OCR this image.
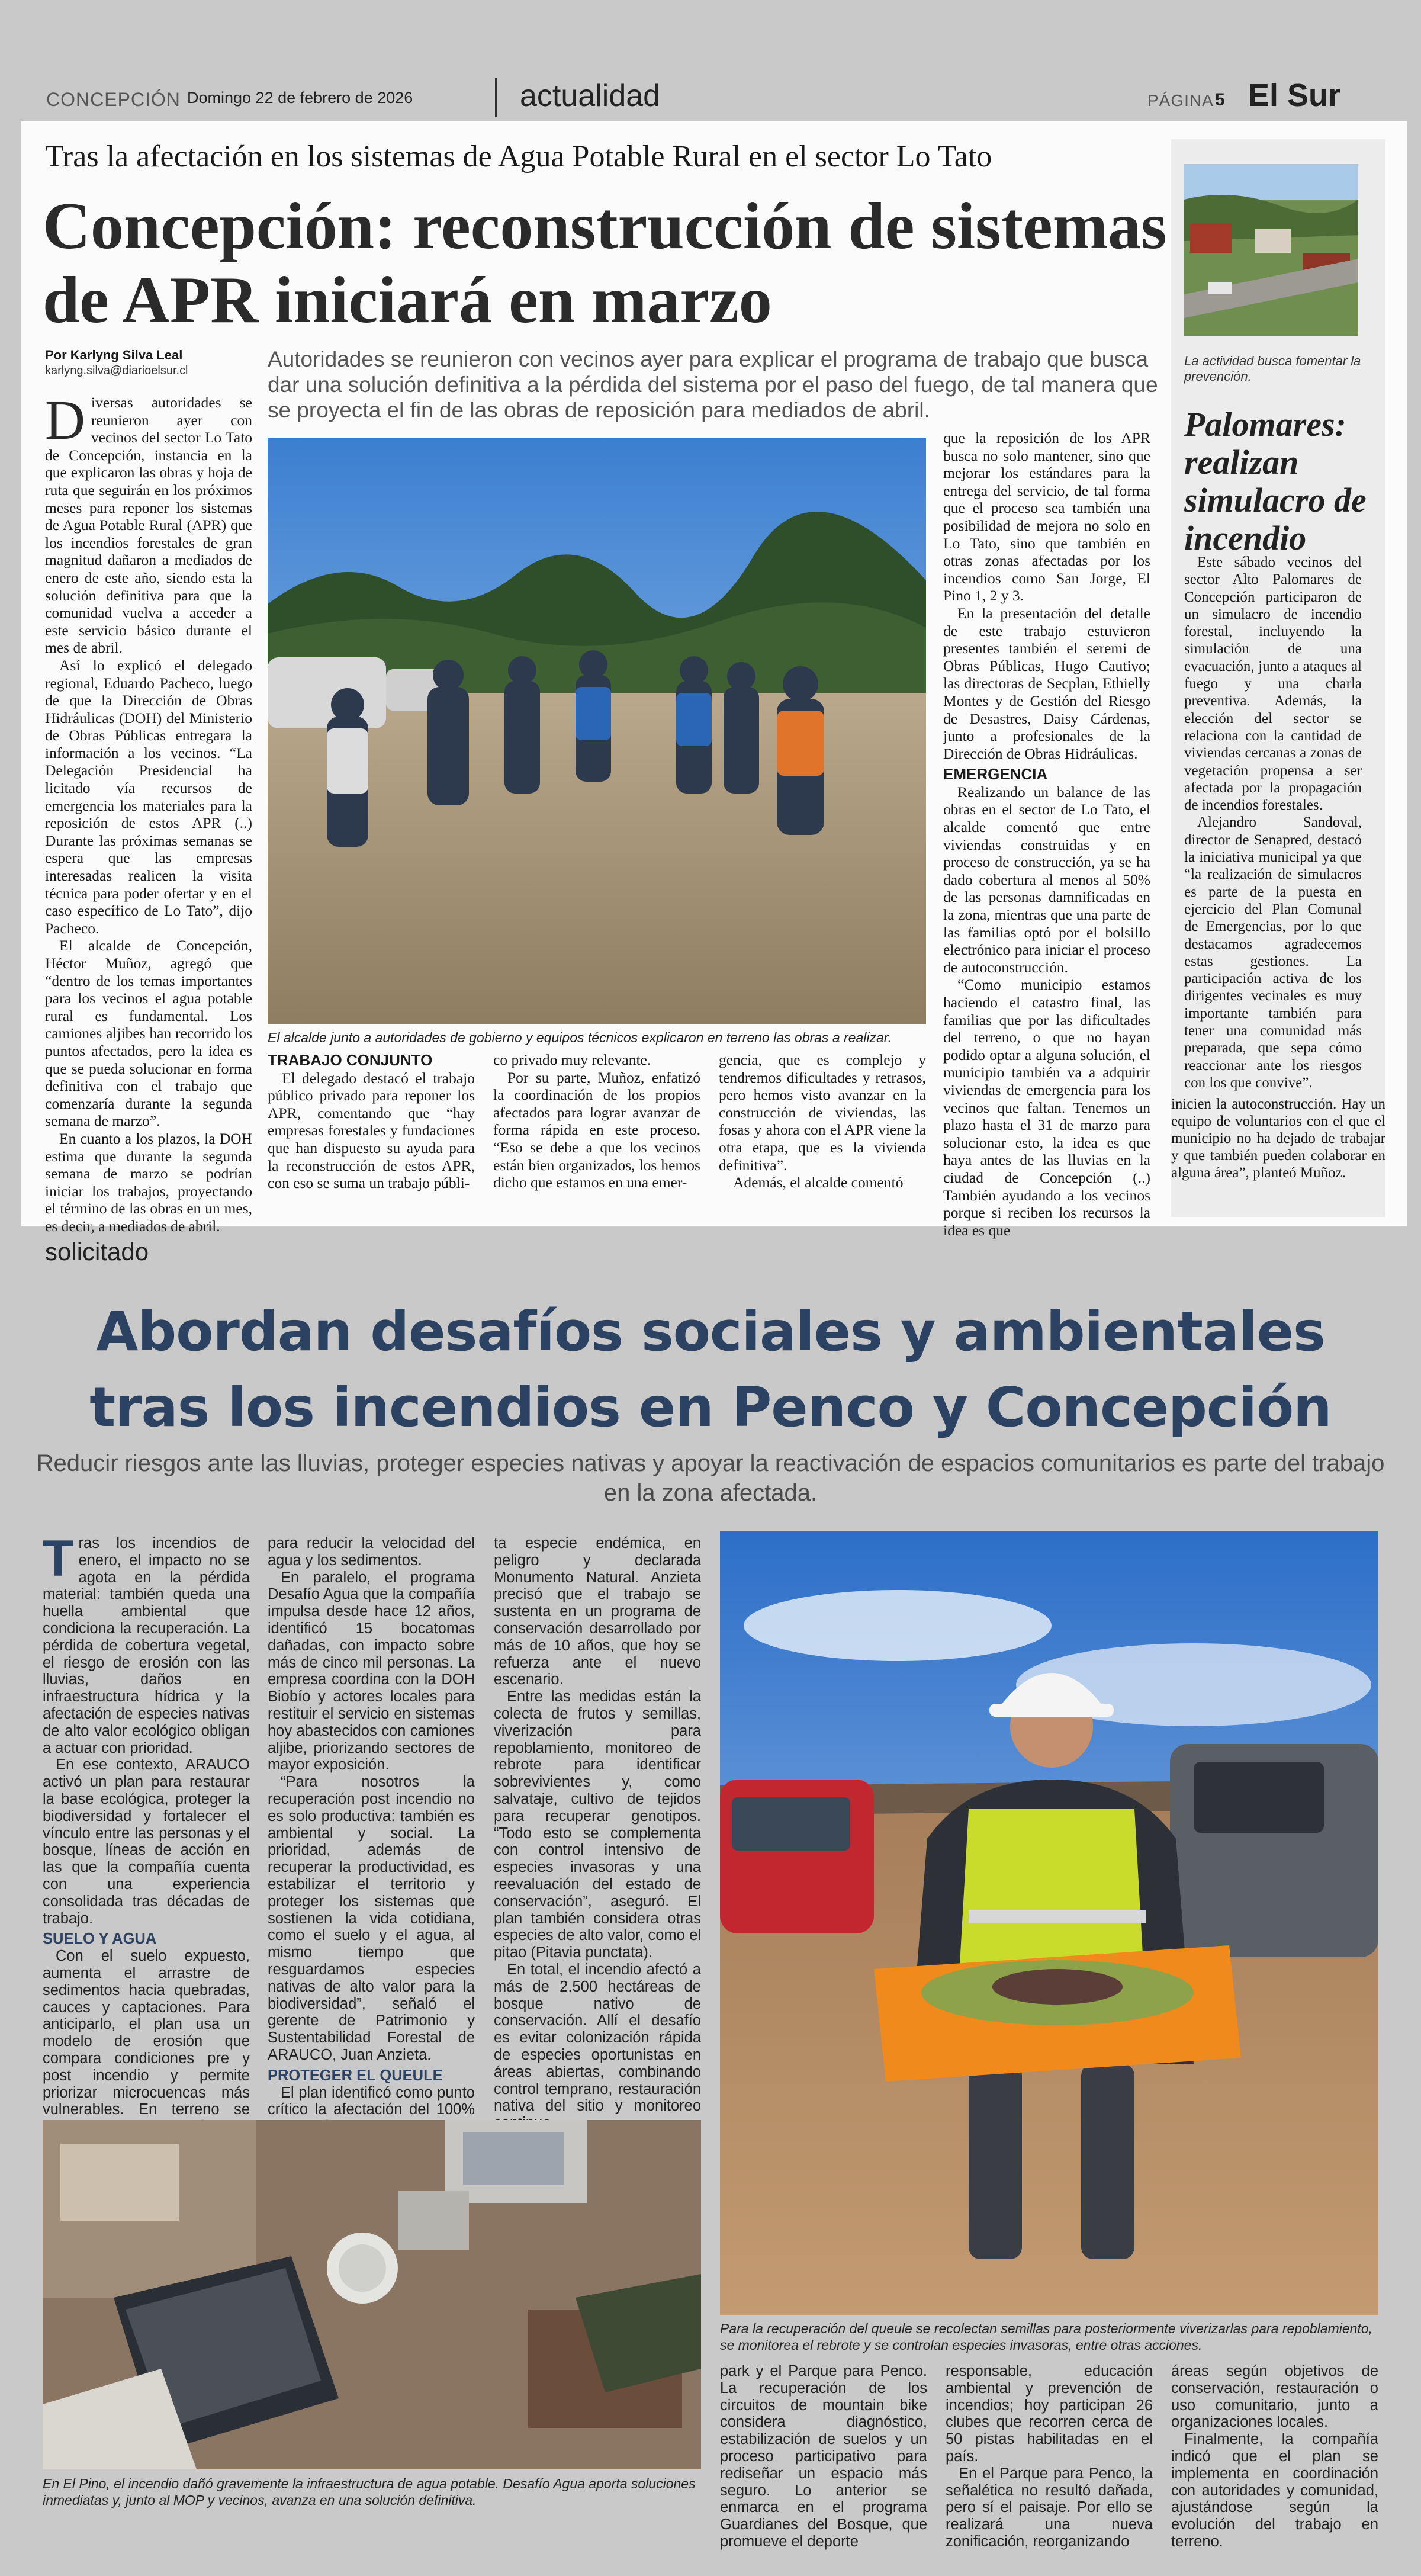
CONCEPCIÓN Domingo 22 de febrero de 2026	actualidad	PÁGINA 5 El Sur
Tras la afectación en los sistemas de Agua Potable Rural en el sector Lo Tato
Concepción: reconstrucción de sistemas de APR iniciará en marzo
Por Karlyng Silva Leal
karlyng.silva@diarioelsur.cl	Autoridades se reunieron con vecinos ayer para explicar el programa de trabajo que busca dar una solución definitiva a la pérdida del sistema por el paso del fuego, de tal manera que se proyecta el fin de las obras de reposición para mediados de abril.

Diversas autoridades se reunieron ayer con vecinos del sector Lo Tato de Concepción, instancia en la que explicaron las obras y hoja de ruta que seguirán en los próximos meses para reponer los sistemas de Agua Potable Rural (APR) que los incendios forestales de gran magnitud dañaron a mediados de enero de este año, siendo esta la solución definitiva para que la comunidad vuelva a acceder a este servicio básico durante el mes de abril.

Así lo explicó el delegado regional, Eduardo Pacheco, luego de que la Dirección de Obras Hidráulicas (DOH) del Ministerio de Obras Públicas entregara la información a los vecinos. “La Delegación Presidencial ha licitado vía recursos de emergencia los materiales para la reposición de estos APR (..) Durante las próximas semanas se espera que las empresas interesadas realicen la visita técnica para poder ofertar y en el caso específico de Lo Tato”, dijo Pacheco.

El alcalde de Concepción, Héctor Muñoz, agregó que “dentro de los temas importantes para los vecinos el agua potable rural es fundamental. Los camiones aljibes han recorrido los puntos afectados, pero la idea es que se pueda solucionar en forma definitiva con el trabajo que comenzaría durante la segunda semana de marzo”.

En cuanto a los plazos, la DOH estima que durante la segunda semana de marzo se podrían iniciar los trabajos, proyectando el término de las obras en un mes, es decir, a mediados de abril.

El alcalde junto a autoridades de gobierno y equipos técnicos explicaron en terreno las obras a realizar.
TRABAJO CONJUNTO

El delegado destacó el trabajo público privado para reponer los APR, comentando que “hay empresas forestales y fundaciones que han dispuesto su ayuda para la reconstrucción de estos APR, con eso se suma un trabajo públi-

co privado muy relevante.

Por su parte, Muñoz, enfatizó la coordinación de los propios afectados para lograr avanzar de forma rápida en este proceso. “Eso se debe a que los vecinos están bien organizados, los hemos dicho que estamos en una emer-

gencia, que es complejo y tendremos dificultades y retrasos, pero hemos visto avanzar en la construcción de viviendas, las fosas y ahora con el APR viene la otra etapa, que es la vivienda definitiva”.

Además, el alcalde comentó

que la reposición de los APR busca no solo mantener, sino que mejorar los estándares para la entrega del servicio, de tal forma que el proceso sea también una posibilidad de mejora no solo en Lo Tato, sino que también en otras zonas afectadas por los incendios como San Jorge, El Pino 1, 2 y 3.

En la presentación del detalle de este trabajo estuvieron presentes también el seremi de Obras Públicas, Hugo Cautivo; las directoras de Secplan, Ethielly Montes y de Gestión del Riesgo de Desastres, Daisy Cárdenas, junto a profesionales de la Dirección de Obras Hidráulicas.

EMERGENCIA

Realizando un balance de las obras en el sector de Lo Tato, el alcalde comentó que entre viviendas construidas y en proceso de construcción, ya se ha dado cobertura al menos al 50% de las personas damnificadas en la zona, mientras que una parte de las familias optó por el bolsillo electrónico para iniciar el proceso de autoconstrucción.

“Como municipio estamos haciendo el catastro final, las familias que por las dificultades del terreno, o que no hayan podido optar a alguna solución, el municipio también va a adquirir viviendas de emergencia para los vecinos que faltan. Tenemos un plazo hasta el 31 de marzo para solucionar esto, la idea es que haya antes de las lluvias en la ciudad de Concepción (..) También ayudando a los vecinos porque si reciben los recursos la idea es que

La actividad busca fomentar la prevención.
Palomares: realizan simulacro de incendio

Este sábado vecinos del sector Alto Palomares de Concepción participaron de un simulacro de incendio forestal, incluyendo la simulación de una evacuación, junto a ataques al fuego y una charla preventiva. Además, la elección del sector se relaciona con la cantidad de viviendas cercanas a zonas de vegetación propensa a ser afectada por la propagación de incendios forestales.

Alejandro Sandoval, director de Senapred, destacó la iniciativa municipal ya que “la realización de simulacros es parte de la puesta en ejercicio del Plan Comunal de Emergencias, por lo que destacamos agradecemos estas gestiones. La participación activa de los dirigentes vecinales es muy importante también para tener una comunidad más preparada, que sepa cómo reaccionar ante los riesgos con los que convive”.

inicien la autoconstrucción. Hay un equipo de voluntarios con el que el municipio no ha dejado de trabajar y que también pueden colaborar en alguna área”, planteó Muñoz.

solicitado
Abordan desafíos sociales y ambientales tras los incendios en Penco y Concepción
Reducir riesgos ante las lluvias, proteger especies nativas y apoyar la reactivación de espacios comunitarios es parte del trabajo en la zona afectada.

Tras los incendios de enero, el impacto no se agota en la pérdida material: también queda una huella ambiental que condiciona la recuperación. La pérdida de cobertura vegetal, el riesgo de erosión con las lluvias, daños en infraestructura hídrica y la afectación de especies nativas de alto valor ecológico obligan a actuar con prioridad.

En ese contexto, ARAUCO activó un plan para restaurar la base ecológica, proteger la biodiversidad y fortalecer el vínculo entre las personas y el bosque, líneas de acción en las que la compañía cuenta con una experiencia consolidada tras décadas de trabajo.

SUELO Y AGUA

Con el suelo expuesto, aumenta el arrastre de sedimentos hacia quebradas, cauces y captaciones. Para anticiparlo, el plan usa un modelo de erosión que compara condiciones pre y post incendio y permite priorizar microcuencas más vulnerables. En terreno se

para reducir la velocidad del agua y los sedimentos.

En paralelo, el programa Desafío Agua que la compañía impulsa desde hace 12 años, identificó 15 bocatomas dañadas, con impacto sobre más de cinco mil personas. La empresa coordina con la DOH Biobío y actores locales para restituir el servicio en sistemas hoy abastecidos con camiones aljibe, priorizando sectores de mayor exposición.

“Para nosotros la recuperación post incendio no es solo productiva: también es ambiental y social. La prioridad, además de recuperar la productividad, es estabilizar el territorio y proteger los sistemas que sostienen la vida cotidiana, como el suelo y el agua, al mismo tiempo que resguardamos especies nativas de alto valor para la biodiversidad”, señaló el gerente de Patrimonio y Sustentabilidad Forestal de ARAUCO, Juan Anzieta.

PROTEGER EL QUEULE

El plan identificó como punto crítico la afectación del 100%

ta especie endémica, en peligro y declarada Monumento Natural. Anzieta precisó que el trabajo se sustenta en un programa de conservación desarrollado por más de 10 años, que hoy se refuerza ante el nuevo escenario.

Entre las medidas están la colecta de frutos y semillas, viverización para repoblamiento, monitoreo de rebrote para identificar sobrevivientes y, como salvataje, cultivo de tejidos para recuperar genotipos. “Todo esto se complementa con control intensivo de especies invasoras y una reevaluación del estado de conservación”, aseguró. El plan también considera otras especies de alto valor, como el pitao (Pitavia punctata).

En total, el incendio afectó a más de 2.500 hectáreas de bosque nativo de conservación. Allí el desafío es evitar colonización rápida de especies oportunistas en áreas abiertas, combinando control temprano, restauración nativa del sitio y monitoreo

Para la recuperación del queule se recolectan semillas para posteriormente viverizarlas para repoblamiento, se monitorea el rebrote y se controlan especies invasoras, entre otras acciones.
En El Pino, el incendio dañó gravemente la infraestructura de agua potable. Desafío Agua aporta soluciones inmediatas y, junto al MOP y vecinos, avanza en una solución definitiva.

park y el Parque para Penco. La recuperación de los circuitos de mountain bike considera diagnóstico, estabilización de suelos y un proceso participativo para rediseñar un espacio más seguro. Lo anterior se enmarca en el programa Guardianes del Bosque, que promueve el deporte

responsable, educación ambiental y prevención de incendios; hoy participan 26 clubes que recorren cerca de 50 pistas habilitadas en el país.

En el Parque para Penco, la señalética no resultó dañada, pero sí el paisaje. Por ello se realizará una nueva zonificación, reorganizando

áreas según objetivos de conservación, restauración o uso comunitario, junto a organizaciones locales.

Finalmente, la compañía indicó que el plan se implementa en coordinación con autoridades y comunidad, ajustándose según la evolución del trabajo en terreno.
